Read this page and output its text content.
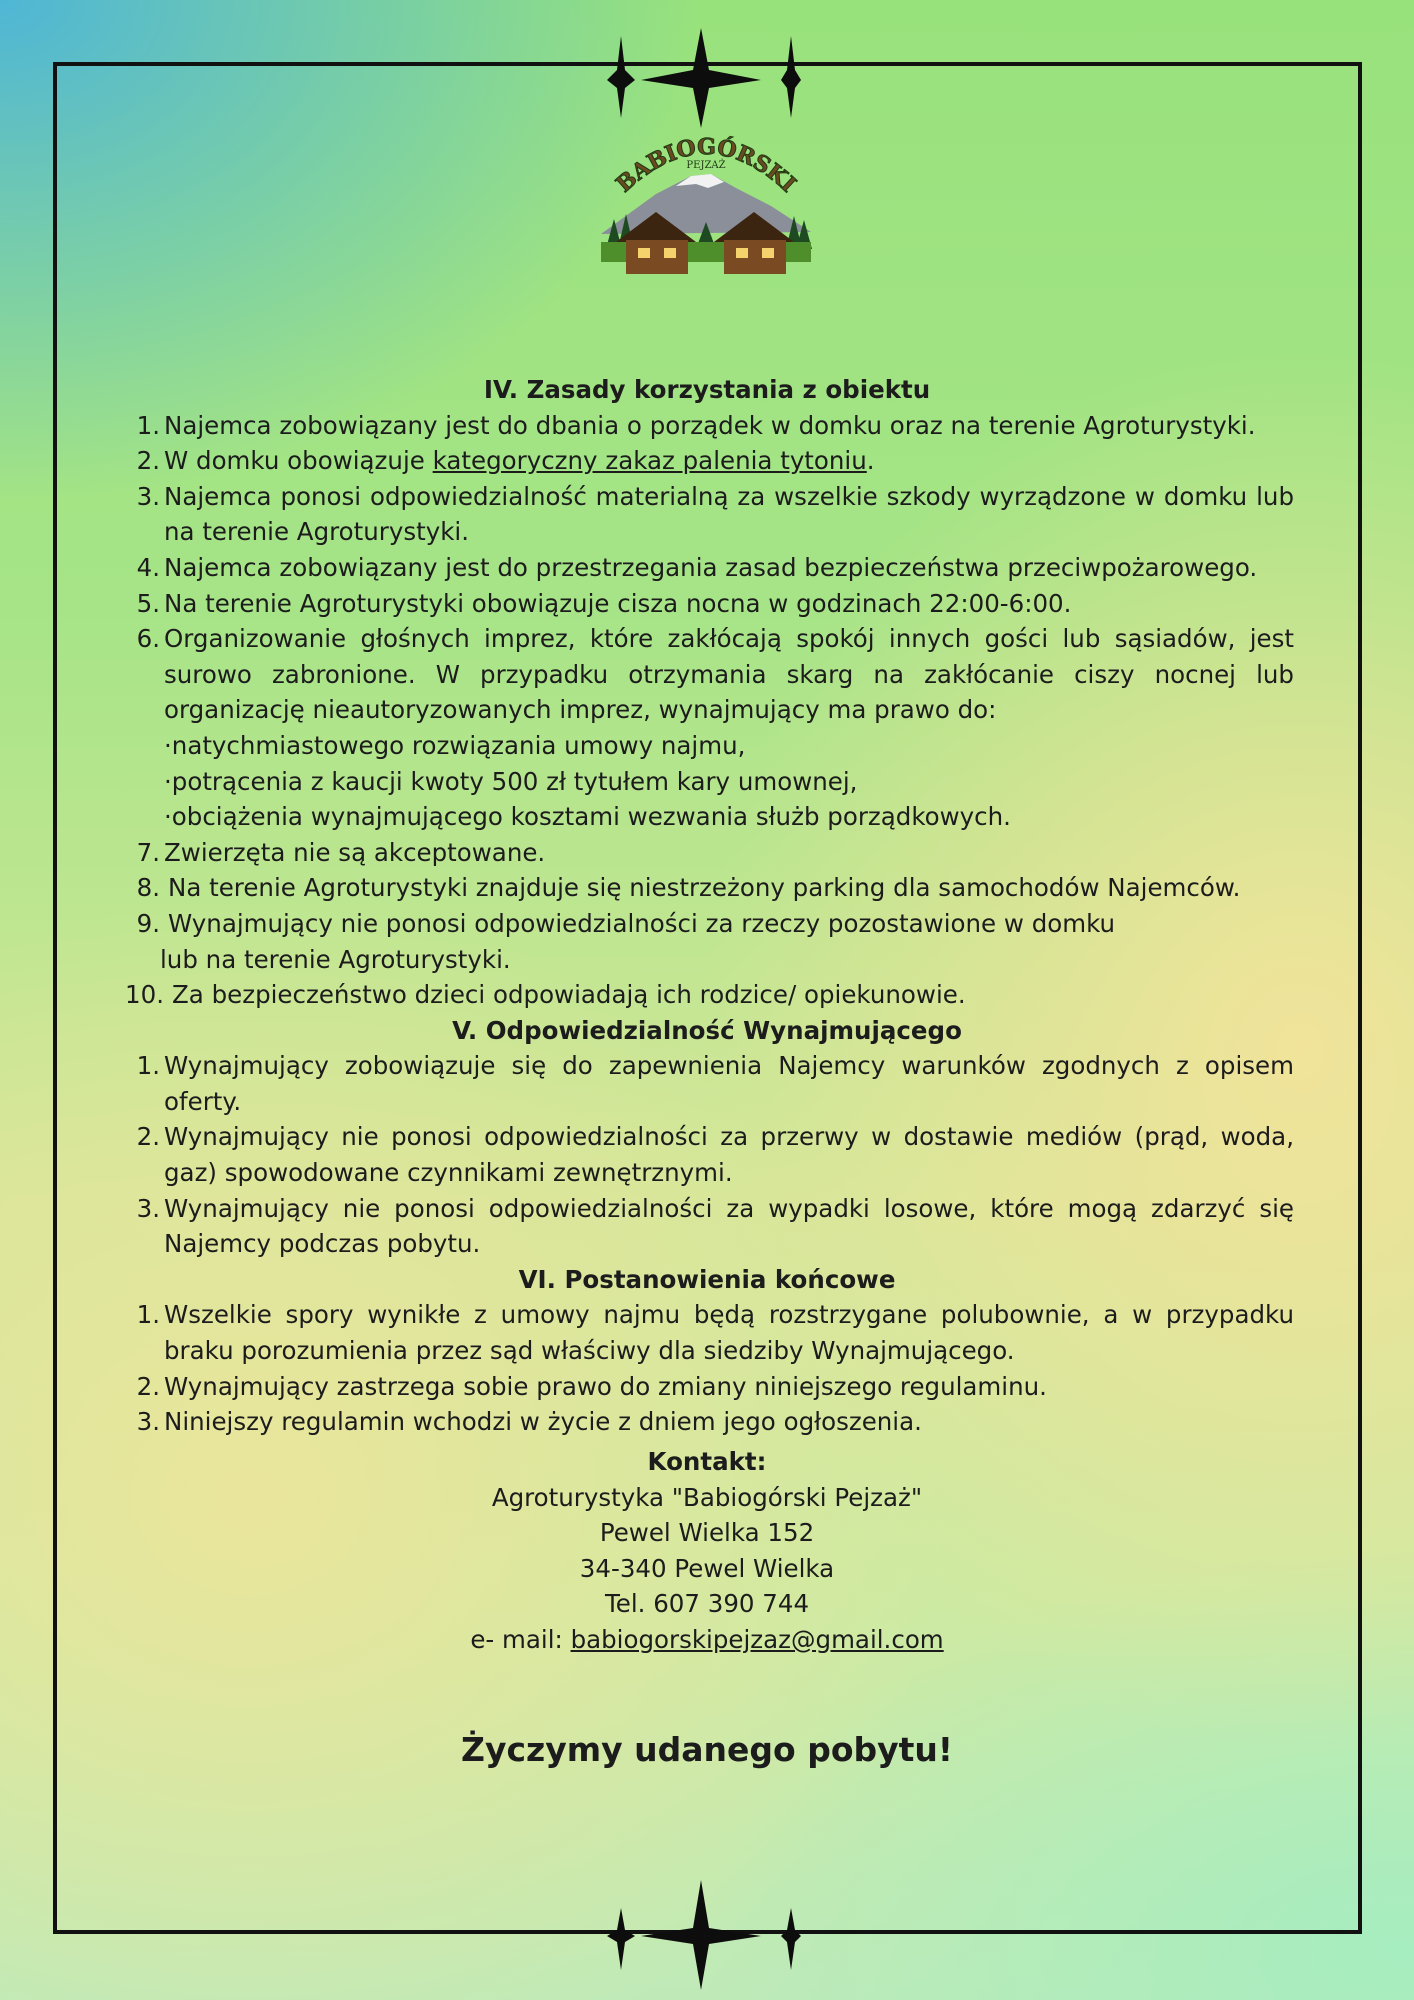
BABIOGÓRSKI
PEJZAŻ
IV. Zasady korzystania z obiektu
1. Najemca zobowiązany jest do dbania o porządek w domku oraz na terenie Agroturystyki.
2. W domku obowiązuje kategoryczny zakaz palenia tytoniu.
3. Najemca ponosi odpowiedzialność materialną za wszelkie szkody wyrządzone w domku lub na terenie Agroturystyki.
4. Najemca zobowiązany jest do przestrzegania zasad bezpieczeństwa przeciwpożarowego.
5. Na terenie Agroturystyki obowiązuje cisza nocna w godzinach 22:00-6:00.
6. Organizowanie głośnych imprez, które zakłócają spokój innych gości lub sąsiadów, jest surowo zabronione. W przypadku otrzymania skarg na zakłócanie ciszy nocnej lub organizację nieautoryzowanych imprez, wynajmujący ma prawo do:
·natychmiastowego rozwiązania umowy najmu,
·potrącenia z kaucji kwoty 500 zł tytułem kary umownej,
·obciążenia wynajmującego kosztami wezwania służb porządkowych.
7. Zwierzęta nie są akceptowane.
8. Na terenie Agroturystyki znajduje się niestrzeżony parking dla samochodów Najemców.
9. Wynajmujący nie ponosi odpowiedzialności za rzeczy pozostawione w domku
lub na terenie Agroturystyki.
10. Za bezpieczeństwo dzieci odpowiadają ich rodzice/ opiekunowie.
V. Odpowiedzialność Wynajmującego
1. Wynajmujący zobowiązuje się do zapewnienia Najemcy warunków zgodnych z opisem oferty.
2. Wynajmujący nie ponosi odpowiedzialności za przerwy w dostawie mediów (prąd, woda, gaz) spowodowane czynnikami zewnętrznymi.
3. Wynajmujący nie ponosi odpowiedzialności za wypadki losowe, które mogą zdarzyć się Najemcy podczas pobytu.
VI. Postanowienia końcowe
1. Wszelkie spory wynikłe z umowy najmu będą rozstrzygane polubownie, a w przypadku braku porozumienia przez sąd właściwy dla siedziby Wynajmującego.
2. Wynajmujący zastrzega sobie prawo do zmiany niniejszego regulaminu.
3. Niniejszy regulamin wchodzi w życie z dniem jego ogłoszenia.
Kontakt:
Agroturystyka "Babiogórski Pejzaż"
Pewel Wielka 152
34-340 Pewel Wielka
Tel. 607 390 744
e- mail: babiogorskipejzaz@gmail.com
Życzymy udanego pobytu!
